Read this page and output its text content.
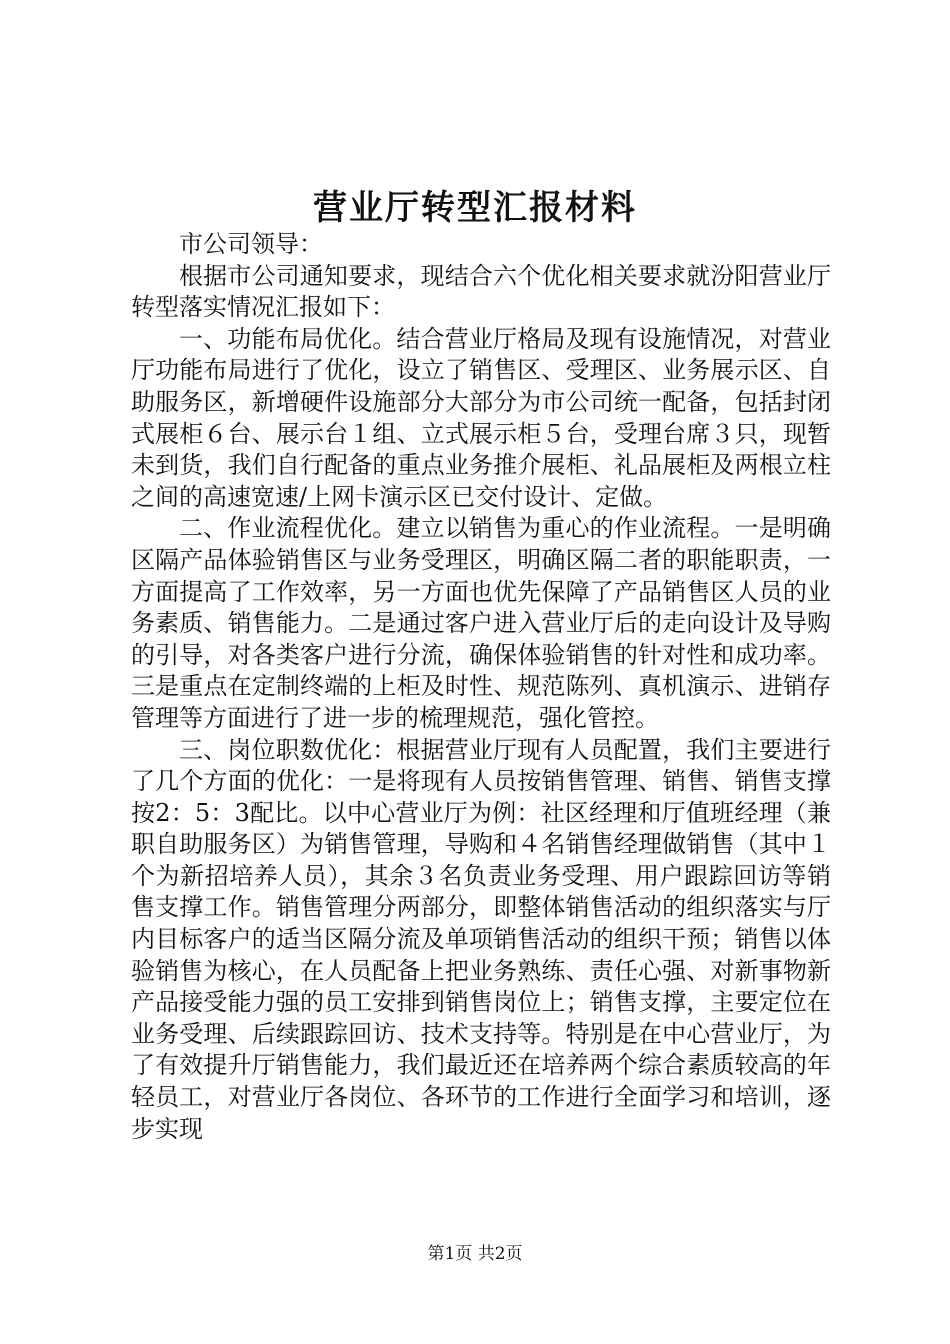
营业厅转型汇报材料

市公司领导：

根据市公司通知要求，现结合六个优化相关要求就汾阳营业厅转型落实情况汇报如下：

一、功能布局优化。结合营业厅格局及现有设施情况，对营业厅功能布局进行了优化，设立了销售区、受理区、业务展示区、自助服务区，新增硬件设施部分大部分为市公司统一配备，包括封闭式展柜６台、展示台１组、立式展示柜５台，受理台席３只，现暂未到货，我们自行配备的重点业务推介展柜、礼品展柜及两根立柱之间的高速宽速/上网卡演示区已交付设计、定做。

二、作业流程优化。建立以销售为重心的作业流程。一是明确区隔产品体验销售区与业务受理区，明确区隔二者的职能职责，一方面提高了工作效率，另一方面也优先保障了产品销售区人员的业务素质、销售能力。二是通过客户进入营业厅后的走向设计及导购的引导，对各类客户进行分流，确保体验销售的针对性和成功率。三是重点在定制终端的上柜及时性、规范陈列、真机演示、进销存管理等方面进行了进一步的梳理规范，强化管控。

三、岗位职数优化：根据营业厅现有人员配置，我们主要进行了几个方面的优化：一是将现有人员按销售管理、销售、销售支撑按2：5：3配比。以中心营业厅为例：社区经理和厅值班经理（兼职自助服务区）为销售管理，导购和４名销售经理做销售（其中１个为新招培养人员），其余３名负责业务受理、用户跟踪回访等销售支撑工作。销售管理分两部分，即整体销售活动的组织落实与厅内目标客户的适当区隔分流及单项销售活动的组织干预；销售以体验销售为核心，在人员配备上把业务熟练、责任心强、对新事物新产品接受能力强的员工安排到销售岗位上；销售支撑，主要定位在业务受理、后续跟踪回访、技术支持等。特别是在中心营业厅，为了有效提升厅销售能力，我们最近还在培养两个综合素质较高的年轻员工，对营业厅各岗位、各环节的工作进行全面学习和培训，逐步实现

第1页 共2页
